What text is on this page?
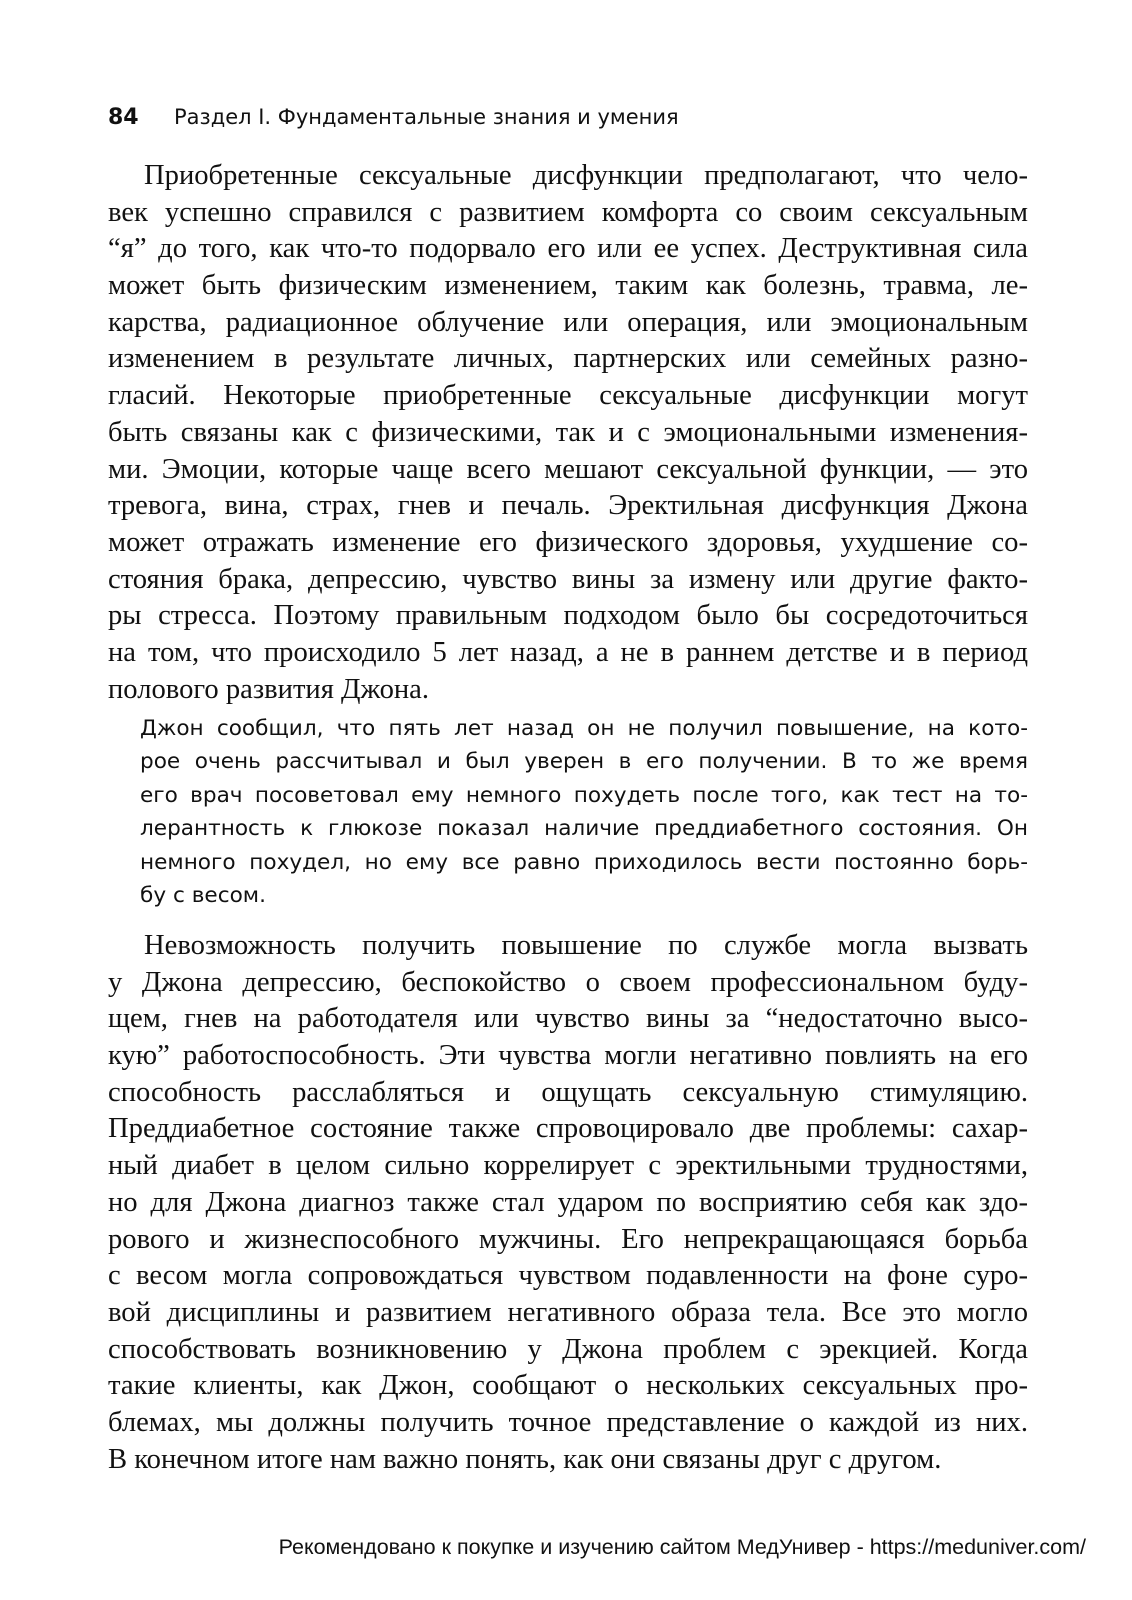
84 Раздел I. Фундаментальные знания и умения
Приобретенные сексуальные дисфункции предполагают, что чело-
век успешно справился с развитием комфорта со своим сексуальным
“я” до того, как что-то подорвало его или ее успех. Деструктивная сила
может быть физическим изменением, таким как болезнь, травма, ле-
карства, радиационное облучение или операция, или эмоциональным
изменением в результате личных, партнерских или семейных разно-
гласий. Некоторые приобретенные сексуальные дисфункции могут
быть связаны как с физическими, так и с эмоциональными изменения-
ми. Эмоции, которые чаще всего мешают сексуальной функции, — это
тревога, вина, страх, гнев и печаль. Эректильная дисфункция Джона
может отражать изменение его физического здоровья, ухудшение со-
стояния брака, депрессию, чувство вины за измену или другие факто-
ры стресса. Поэтому правильным подходом было бы сосредоточиться
на том, что происходило 5 лет назад, а не в раннем детстве и в период
полового развития Джона.
Джон сообщил, что пять лет назад он не получил повышение, на кото-
рое очень рассчитывал и был уверен в его получении. В то же время
его врач посоветовал ему немного похудеть после того, как тест на то-
лерантность к глюкозе показал наличие преддиабетного состояния. Он
немного похудел, но ему все равно приходилось вести постоянно борь-
бу с весом.
Невозможность получить повышение по службе могла вызвать
у Джона депрессию, беспокойство о своем профессиональном буду-
щем, гнев на работодателя или чувство вины за “недостаточно высо-
кую” работоспособность. Эти чувства могли негативно повлиять на его
способность расслабляться и ощущать сексуальную стимуляцию.
Преддиабетное состояние также спровоцировало две проблемы: сахар-
ный диабет в целом сильно коррелирует с эректильными трудностями,
но для Джона диагноз также стал ударом по восприятию себя как здо-
рового и жизнеспособного мужчины. Его непрекращающаяся борьба
с весом могла сопровождаться чувством подавленности на фоне суро-
вой дисциплины и развитием негативного образа тела. Все это могло
способствовать возникновению у Джона проблем с эрекцией. Когда
такие клиенты, как Джон, сообщают о нескольких сексуальных про-
блемах, мы должны получить точное представление о каждой из них.
В конечном итоге нам важно понять, как они связаны друг с другом.
Рекомендовано к покупке и изучению сайтом МедУнивер - https://meduniver.com/
